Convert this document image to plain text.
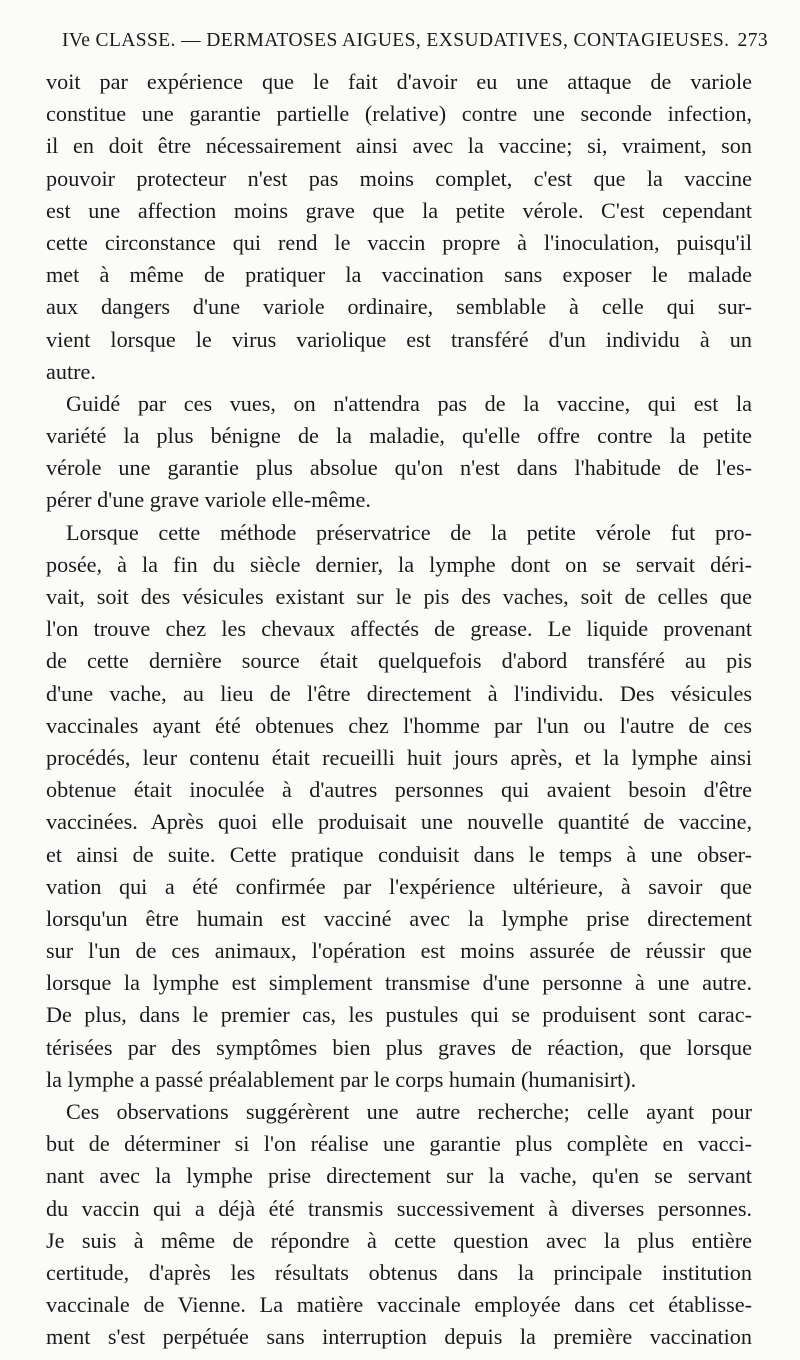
IVe CLASSE. — DERMATOSES AIGUES, EXSUDATIVES, CONTAGIEUSES. 273
voit par expérience que le fait d'avoir eu une attaque de variole
constitue une garantie partielle (relative) contre une seconde infection,
il en doit être nécessairement ainsi avec la vaccine; si, vraiment, son
pouvoir protecteur n'est pas moins complet, c'est que la vaccine
est une affection moins grave que la petite vérole. C'est cependant
cette circonstance qui rend le vaccin propre à l'inoculation, puisqu'il
met à même de pratiquer la vaccination sans exposer le malade
aux dangers d'une variole ordinaire, semblable à celle qui sur-
vient lorsque le virus variolique est transféré d'un individu à un
autre.
Guidé par ces vues, on n'attendra pas de la vaccine, qui est la
variété la plus bénigne de la maladie, qu'elle offre contre la petite
vérole une garantie plus absolue qu'on n'est dans l'habitude de l'es-
pérer d'une grave variole elle-même.
Lorsque cette méthode préservatrice de la petite vérole fut pro-
posée, à la fin du siècle dernier, la lymphe dont on se servait déri-
vait, soit des vésicules existant sur le pis des vaches, soit de celles que
l'on trouve chez les chevaux affectés de grease. Le liquide provenant
de cette dernière source était quelquefois d'abord transféré au pis
d'une vache, au lieu de l'être directement à l'individu. Des vésicules
vaccinales ayant été obtenues chez l'homme par l'un ou l'autre de ces
procédés, leur contenu était recueilli huit jours après, et la lymphe ainsi
obtenue était inoculée à d'autres personnes qui avaient besoin d'être
vaccinées. Après quoi elle produisait une nouvelle quantité de vaccine,
et ainsi de suite. Cette pratique conduisit dans le temps à une obser-
vation qui a été confirmée par l'expérience ultérieure, à savoir que
lorsqu'un être humain est vacciné avec la lymphe prise directement
sur l'un de ces animaux, l'opération est moins assurée de réussir que
lorsque la lymphe est simplement transmise d'une personne à une autre.
De plus, dans le premier cas, les pustules qui se produisent sont carac-
térisées par des symptômes bien plus graves de réaction, que lorsque
la lymphe a passé préalablement par le corps humain (humanisirt).
Ces observations suggérèrent une autre recherche; celle ayant pour
but de déterminer si l'on réalise une garantie plus complète en vacci-
nant avec la lymphe prise directement sur la vache, qu'en se servant
du vaccin qui a déjà été transmis successivement à diverses personnes.
Je suis à même de répondre à cette question avec la plus entière
certitude, d'après les résultats obtenus dans la principale institution
vaccinale de Vienne. La matière vaccinale employée dans cet établisse-
ment s'est perpétuée sans interruption depuis la première vaccination
